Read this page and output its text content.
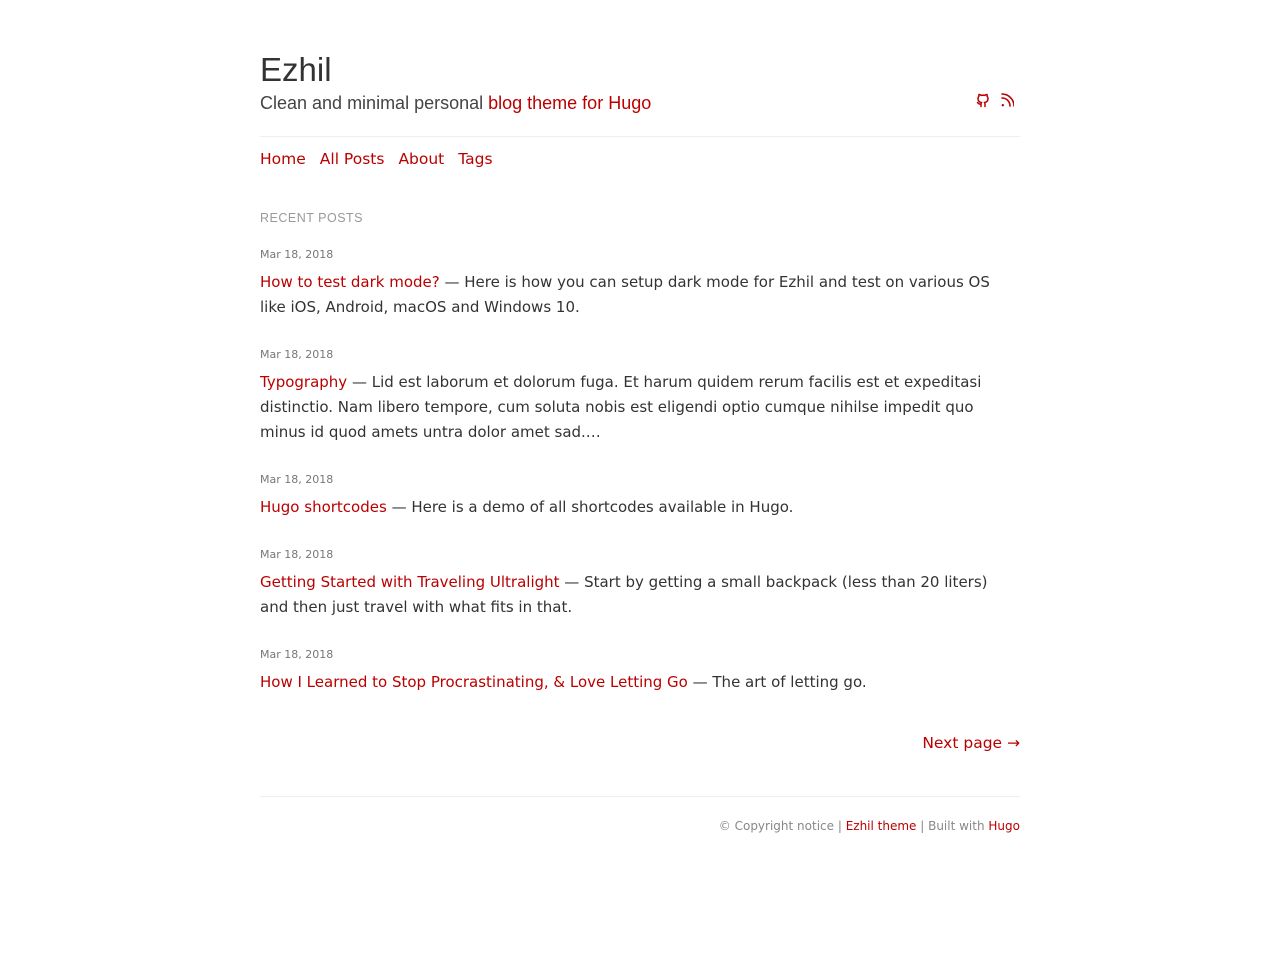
Ezhil
Clean and minimal personal blog theme for Hugo
Home All Posts About Tags
RECENT POSTS
Mar 18, 2018
How to test dark mode? — Here is how you can setup dark mode for Ezhil and test on various OS like iOS, Android, macOS and Windows 10.
Mar 18, 2018
Typography — Lid est laborum et dolorum fuga. Et harum quidem rerum facilis est et expeditasi distinctio. Nam libero tempore, cum soluta nobis est eligendi optio cumque nihilse impedit quo minus id quod amets untra dolor amet sad.…
Mar 18, 2018
Hugo shortcodes — Here is a demo of all shortcodes available in Hugo.
Mar 18, 2018
Getting Started with Traveling Ultralight — Start by getting a small backpack (less than 20 liters) and then just travel with what fits in that.
Mar 18, 2018
How I Learned to Stop Procrastinating, & Love Letting Go — The art of letting go.
Next page →
© Copyright notice | Ezhil theme | Built with Hugo
